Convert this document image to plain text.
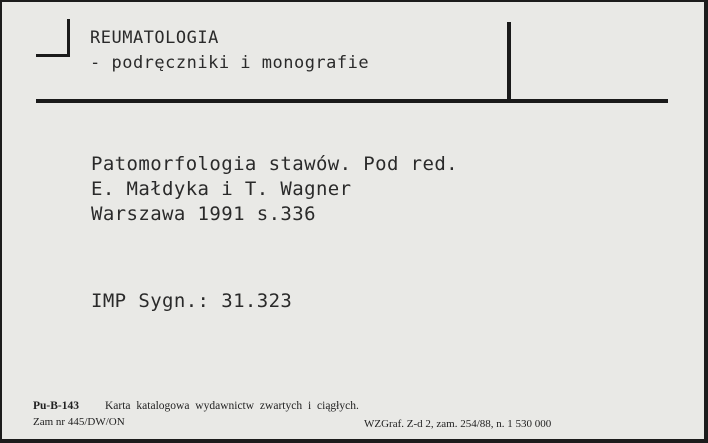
REUMATOLOGIA
- podręczniki i monografie
Patomorfologia stawów. Pod red.
E. Małdyka i T. Wagner
Warszawa 1991 s.336
IMP Sygn.: 31.323
Pu-B-143 Karta katalogowa wydawnictw zwartych i ciągłych.
Zam nr 445/DW/ON	WZGraf. Z-d 2, zam. 254/88, n. 1 530 000
